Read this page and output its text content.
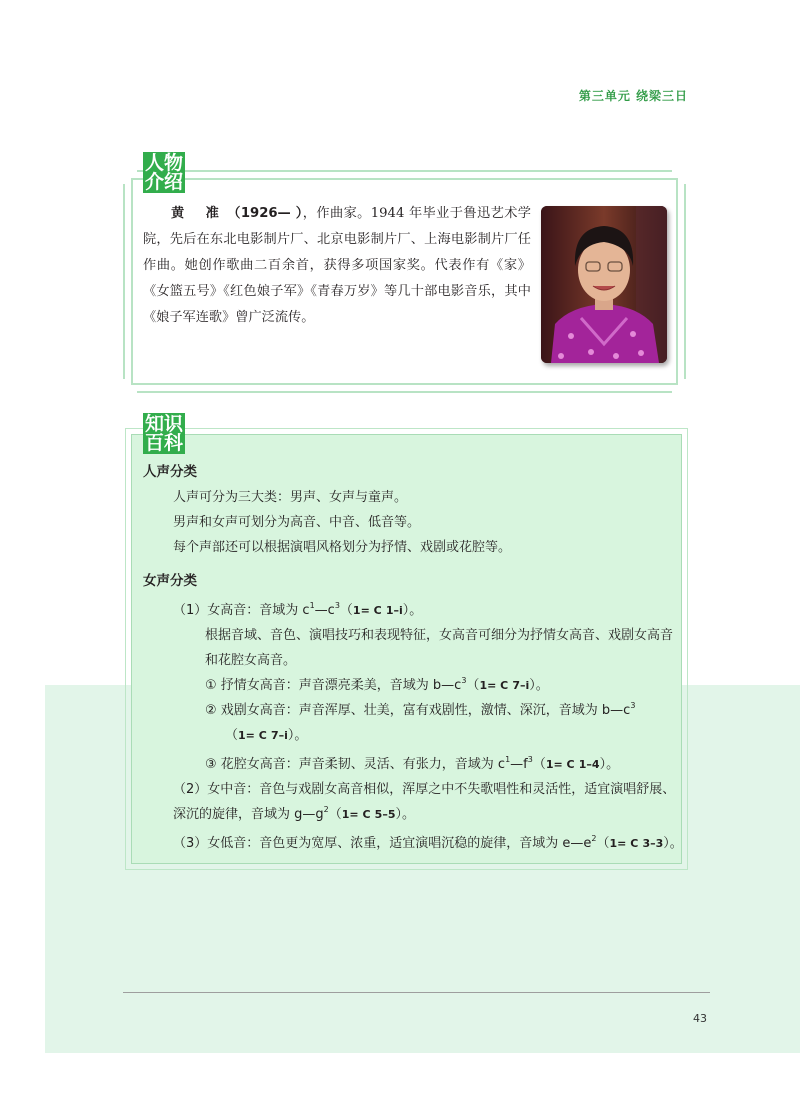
第三单元 绕梁三日
人物
介绍
黄 准（1926— ），作曲家。1944 年毕业于鲁迅艺术学院，先后在东北电影制片厂、北京电影制片厂、上海电影制片厂任作曲。她创作歌曲二百余首，获得多项国家奖。代表作有《家》《女篮五号》《红色娘子军》《青春万岁》等几十部电影音乐，其中《娘子军连歌》曾广泛流传。
知识
百科
人声分类
人声可分为三大类：男声、女声与童声。
男声和女声可划分为高音、中音、低音等。
每个声部还可以根据演唱风格划分为抒情、戏剧或花腔等。
女声分类
（1）女高音：音域为 $c^1—c^3(1= C$ 1–i）。
根据音域、音色、演唱技巧和表现特征，女高音可细分为抒情女高音、戏剧女高音和花腔女高音。
① 抒情女高音：声音漂亮柔美，音域为 $b—c^3(1= C$ 7–i）。
② 戏剧女高音：声音浑厚、壮美，富有戏剧性，激情、深沉，音域为 $b—c^3$
（1= C 7–i）。
③ 花腔女高音：声音柔韧、灵活、有张力，音域为 $c^1—f^3(1= C$ 1–4）。
（2）女中音：音色与戏剧女高音相似，浑厚之中不失歌唱性和灵活性，适宜演唱舒展、深沉的旋律，音域为 $g—g^2(1= C$ 5–5）。
（3）女低音：音色更为宽厚、浓重，适宜演唱沉稳的旋律，音域为 $e—e^2(1= C$ 3–3）。
43
